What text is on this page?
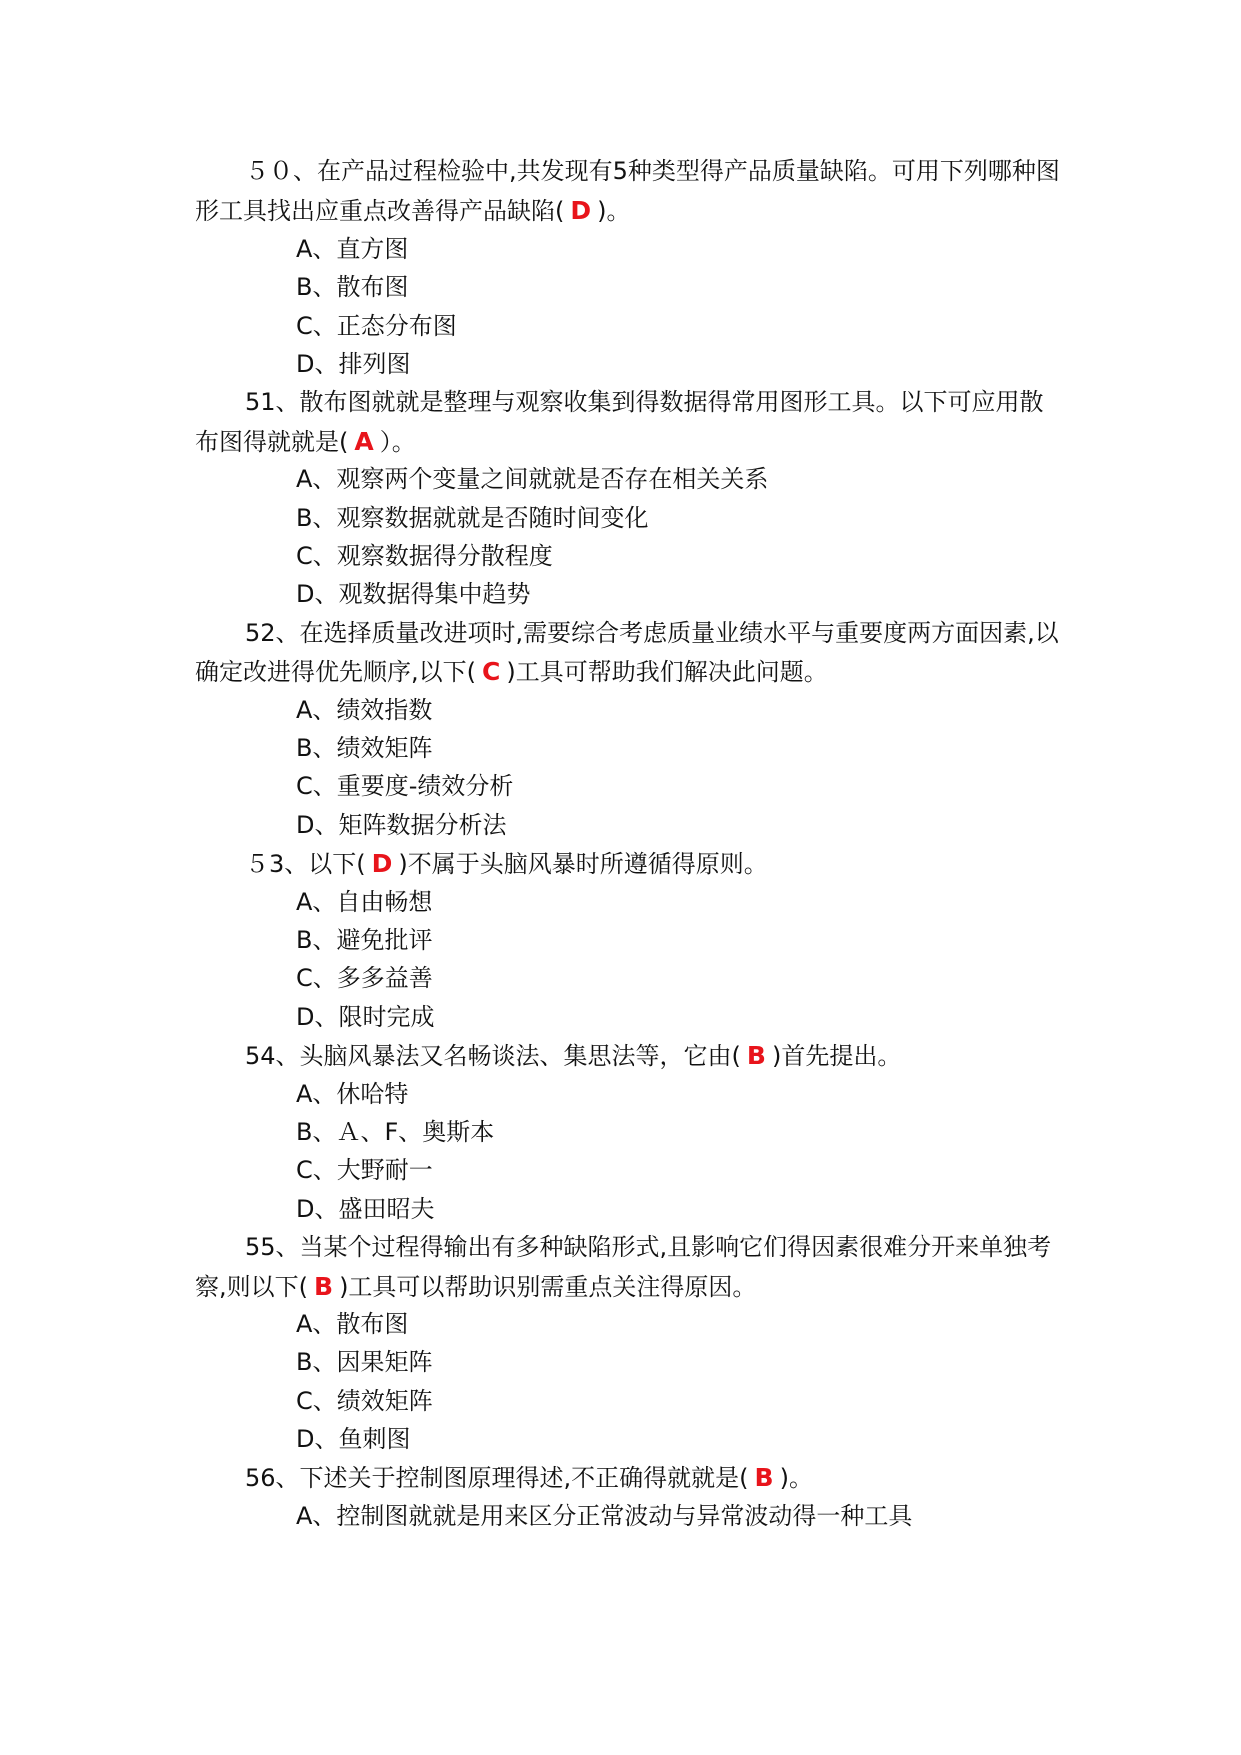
５０、在产品过程检验中,共发现有5种类型得产品质量缺陷。可用下列哪种图
形工具找出应重点改善得产品缺陷( D )。
A、直方图
B、散布图
C、正态分布图
D、排列图
51、散布图就就是整理与观察收集到得数据得常用图形工具。以下可应用散
布图得就就是( A ）。
A、观察两个变量之间就就是否存在相关关系
B、观察数据就就是否随时间变化
C、观察数据得分散程度
D、观数据得集中趋势
52、在选择质量改进项时,需要综合考虑质量业绩水平与重要度两方面因素,以
确定改进得优先顺序,以下( C )工具可帮助我们解决此问题。
A、绩效指数
B、绩效矩阵
C、重要度-绩效分析
D、矩阵数据分析法
５3、以下( D )不属于头脑风暴时所遵循得原则。
A、自由畅想
B、避免批评
C、多多益善
D、限时完成
54、头脑风暴法又名畅谈法、集思法等，它由( B )首先提出。
A、休哈特
B、Ａ、F、奥斯本
C、大野耐一
D、盛田昭夫
55、当某个过程得输出有多种缺陷形式,且影响它们得因素很难分开来单独考
察,则以下( B )工具可以帮助识别需重点关注得原因。
A、散布图
B、因果矩阵
C、绩效矩阵
D、鱼刺图
56、下述关于控制图原理得述,不正确得就就是( B )。
A、控制图就就是用来区分正常波动与异常波动得一种工具
